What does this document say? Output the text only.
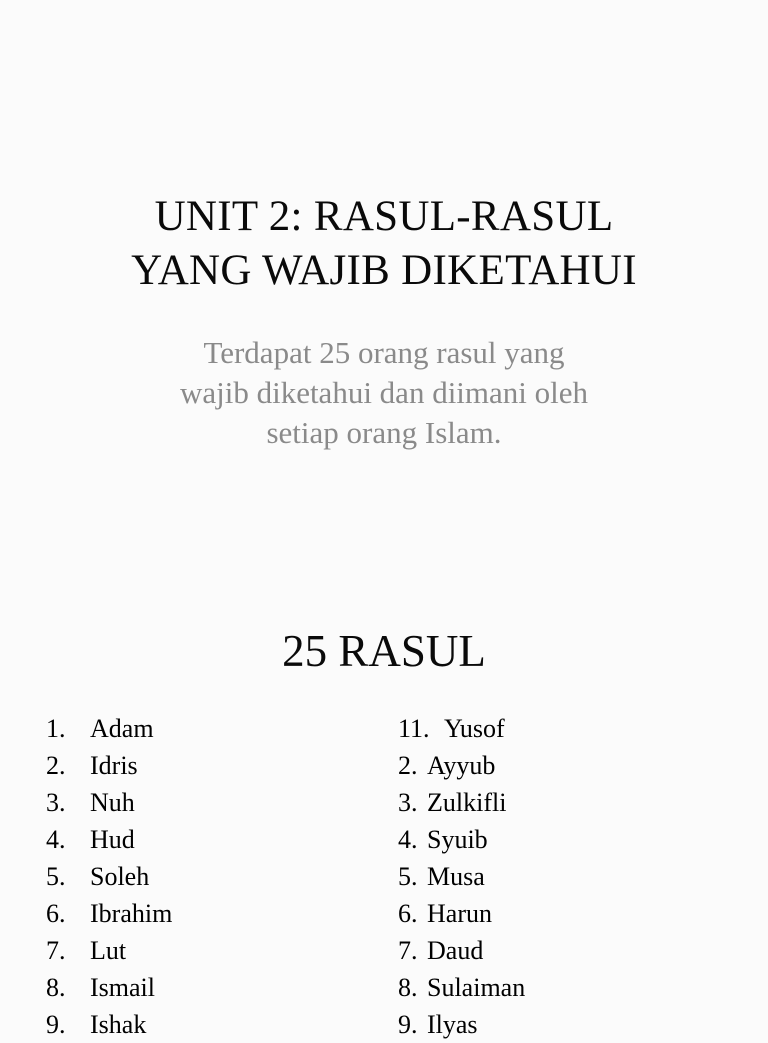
UNIT 2: RASUL-RASUL
YANG WAJIB DIKETAHUI
Terdapat 25 orang rasul yang
wajib diketahui dan diimani oleh
setiap orang Islam.
25 RASUL
1. Adam
2. Idris
3. Nuh
4. Hud
5. Soleh
6. Ibrahim
7. Lut
8. Ismail
9. Ishak
11. Yusof
2. Ayyub
3. Zulkifli
4. Syuib
5. Musa
6. Harun
7. Daud
8. Sulaiman
9. Ilyas
